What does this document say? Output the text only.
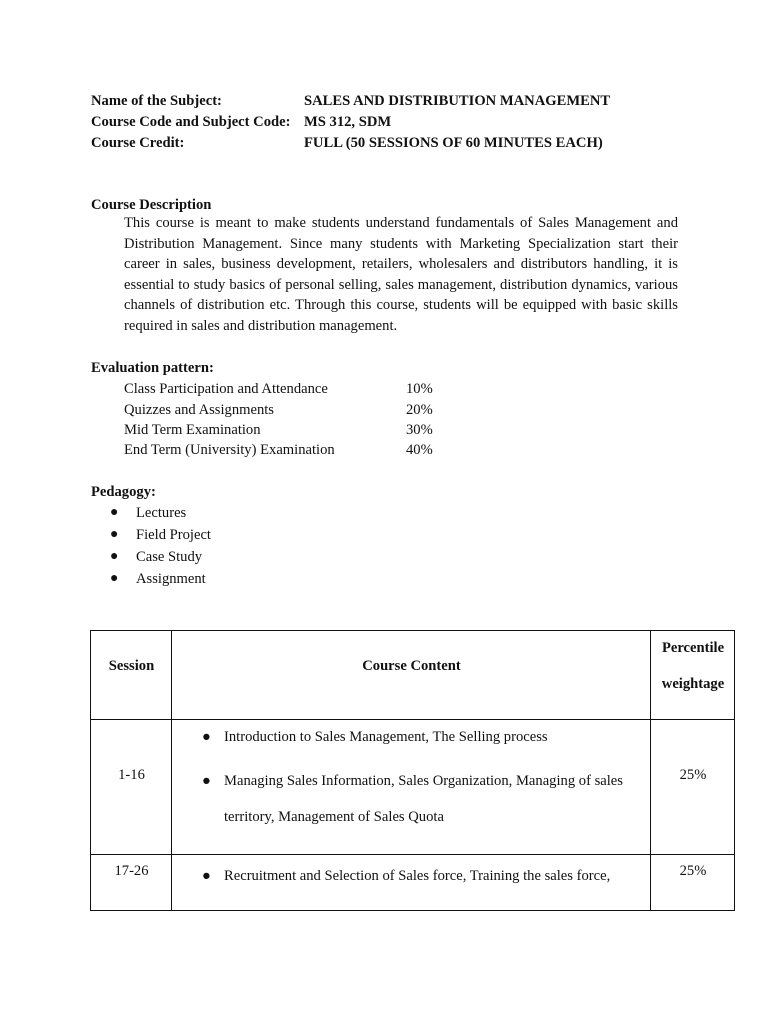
Name of the Subject:	SALES AND DISTRIBUTION MANAGEMENT
Course Code and Subject Code: MS 312, SDM
Course Credit:	FULL (50 SESSIONS OF 60 MINUTES EACH)
Course Description
This course is meant to make students understand fundamentals of Sales Management and Distribution Management. Since many students with Marketing Specialization start their career in sales, business development, retailers, wholesalers and distributors handling, it is essential to study basics of personal selling, sales management, distribution dynamics, various channels of distribution etc. Through this course, students will be equipped with basic skills required in sales and distribution management.
Evaluation pattern:
Class Participation and Attendance	10%
Quizzes and Assignments	20%
Mid Term Examination	30%
End Term (University) Examination	40%
Pedagogy:
● Lectures
● Field Project
● Case Study
● Assignment
Session	Course Content	Percentile
weightage

1-16	● Introduction to Sales Management, The Selling process
● Managing Sales Information, Sales Organization, Managing of sales
territory, Management of Sales Quota	25%

17-26	● Recruitment and Selection of Sales force, Training the sales force,	25%
